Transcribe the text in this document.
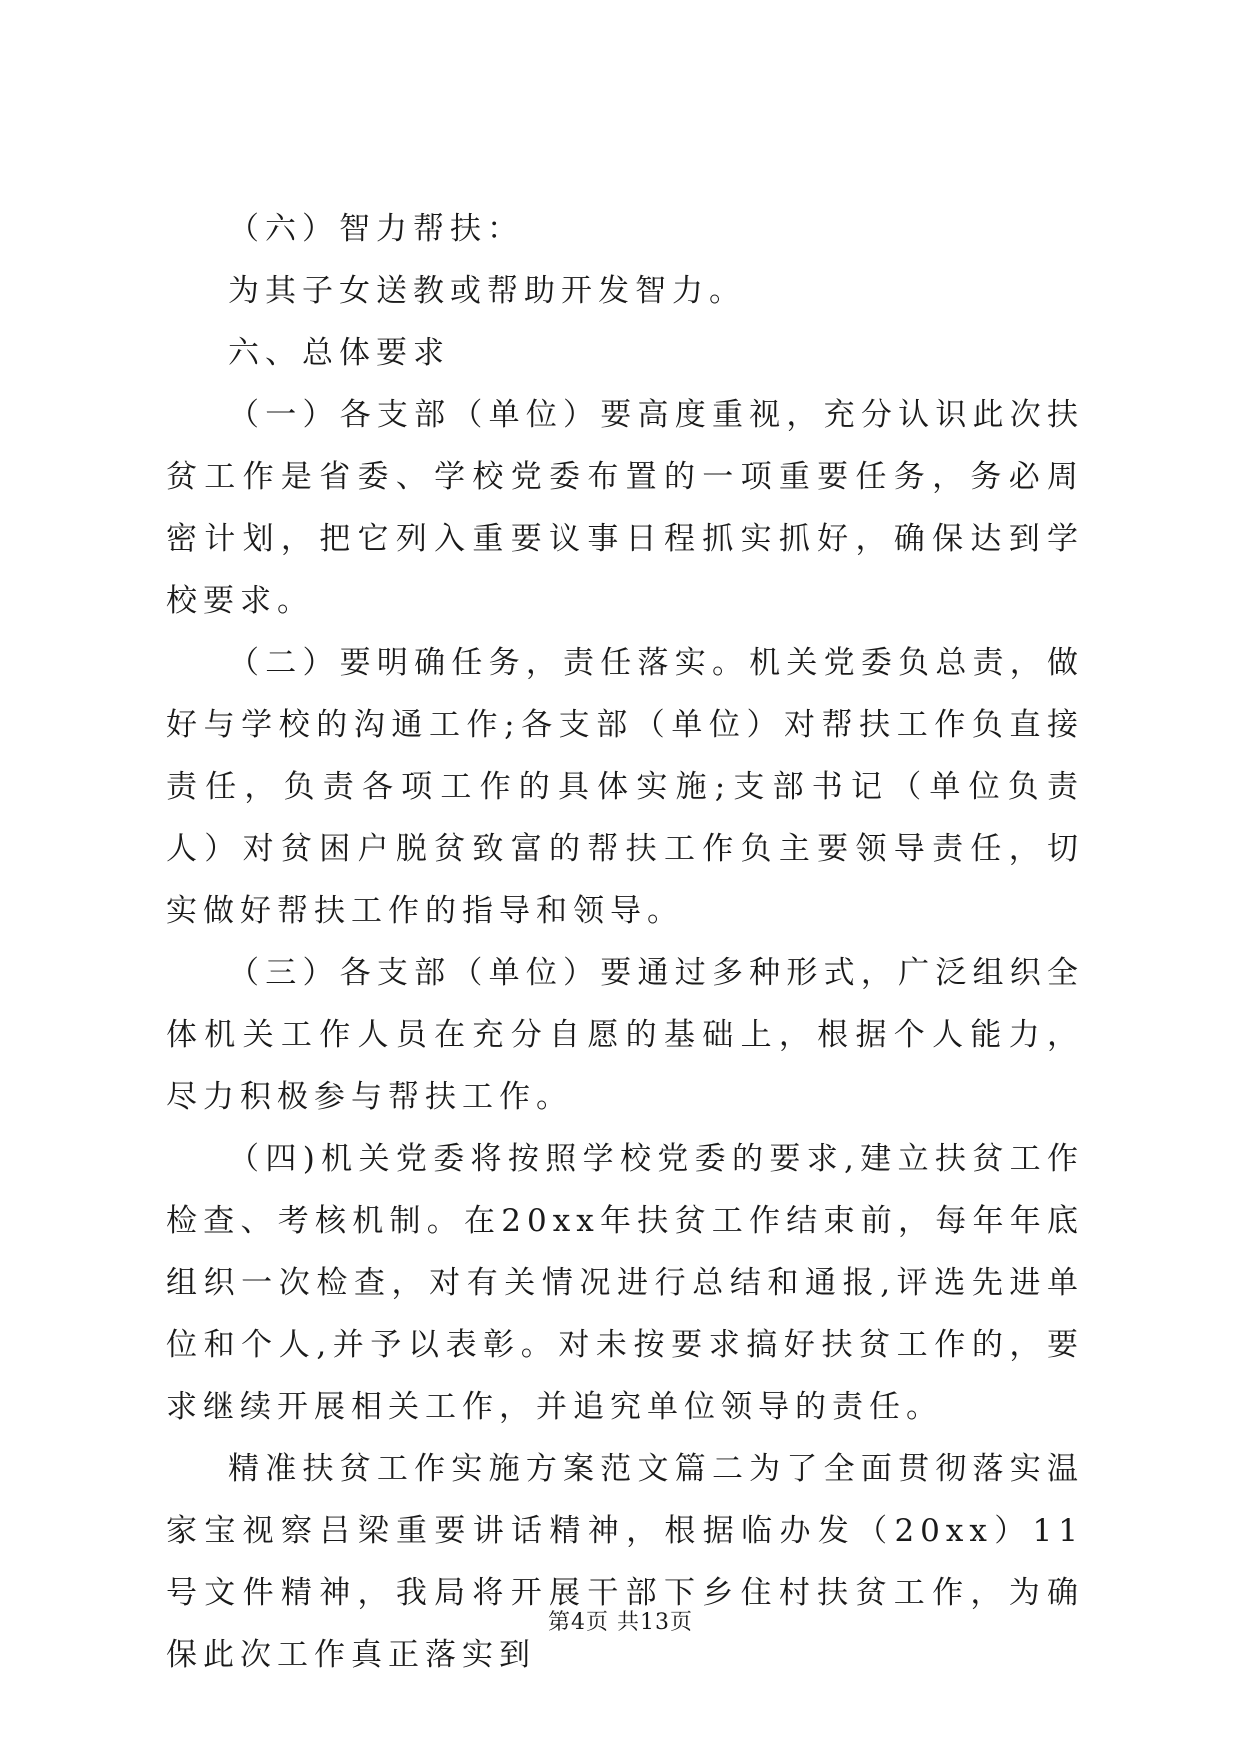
（六）智力帮扶：

为其子女送教或帮助开发智力。

六、总体要求

（一）各支部（单位）要高度重视，充分认识此次扶贫工作是省委、学校党委布置的一项重要任务，务必周密计划，把它列入重要议事日程抓实抓好，确保达到学校要求。

（二）要明确任务，责任落实。机关党委负总责，做好与学校的沟通工作;各支部（单位）对帮扶工作负直接责任，负责各项工作的具体实施;支部书记（单位负责人）对贫困户脱贫致富的帮扶工作负主要领导责任，切实做好帮扶工作的指导和领导。

（三）各支部（单位）要通过多种形式，广泛组织全体机关工作人员在充分自愿的基础上，根据个人能力，尽力积极参与帮扶工作。

（四)机关党委将按照学校党委的要求,建立扶贫工作检查、考核机制。在20xx年扶贫工作结束前，每年年底组织一次检查，对有关情况进行总结和通报,评选先进单位和个人,并予以表彰。对未按要求搞好扶贫工作的，要求继续开展相关工作，并追究单位领导的责任。

精准扶贫工作实施方案范文篇二为了全面贯彻落实温家宝视察吕梁重要讲话精神，根据临办发（20xx）11号文件精神，我局将开展干部下乡住村扶贫工作，为确保此次工作真正落实到

第4页 共13页
